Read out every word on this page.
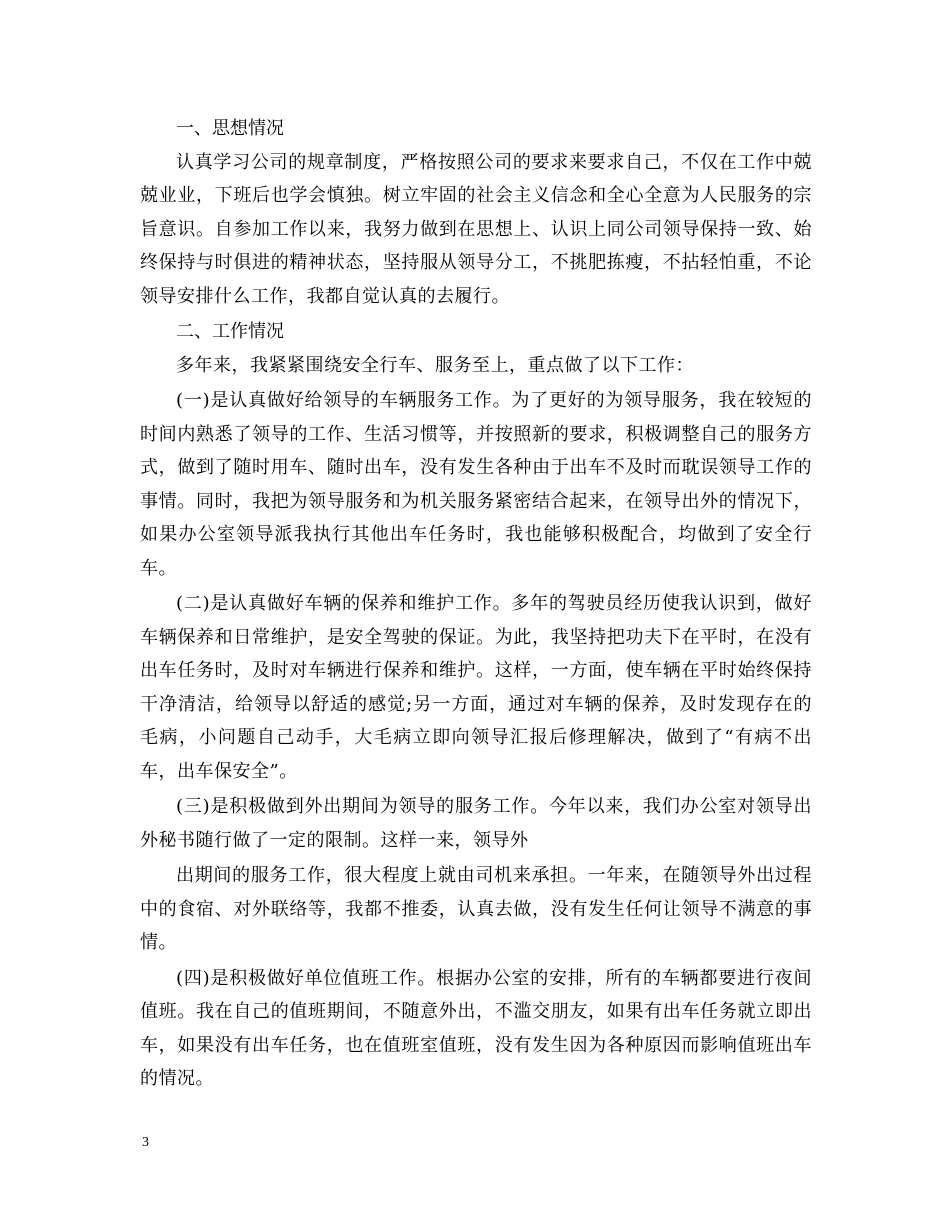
一、思想情况

认真学习公司的规章制度，严格按照公司的要求来要求自己，不仅在工作中兢兢业业，下班后也学会慎独。树立牢固的社会主义信念和全心全意为人民服务的宗旨意识。自参加工作以来，我努力做到在思想上、认识上同公司领导保持一致、始终保持与时俱进的精神状态，坚持服从领导分工，不挑肥拣瘦，不拈轻怕重，不论领导安排什么工作，我都自觉认真的去履行。

二、工作情况

多年来，我紧紧围绕安全行车、服务至上，重点做了以下工作：

(一)是认真做好给领导的车辆服务工作。为了更好的为领导服务，我在较短的时间内熟悉了领导的工作、生活习惯等，并按照新的要求，积极调整自己的服务方式，做到了随时用车、随时出车，没有发生各种由于出车不及时而耽误领导工作的事情。同时，我把为领导服务和为机关服务紧密结合起来，在领导出外的情况下，如果办公室领导派我执行其他出车任务时，我也能够积极配合，均做到了安全行车。

(二)是认真做好车辆的保养和维护工作。多年的驾驶员经历使我认识到，做好车辆保养和日常维护，是安全驾驶的保证。为此，我坚持把功夫下在平时，在没有出车任务时，及时对车辆进行保养和维护。这样，一方面，使车辆在平时始终保持干净清洁，给领导以舒适的感觉;另一方面，通过对车辆的保养，及时发现存在的毛病，小问题自己动手，大毛病立即向领导汇报后修理解决，做到了“有病不出车，出车保安全”。

(三)是积极做到外出期间为领导的服务工作。今年以来，我们办公室对领导出外秘书随行做了一定的限制。这样一来，领导外

出期间的服务工作，很大程度上就由司机来承担。一年来，在随领导外出过程中的食宿、对外联络等，我都不推委，认真去做，没有发生任何让领导不满意的事情。

(四)是积极做好单位值班工作。根据办公室的安排，所有的车辆都要进行夜间值班。我在自己的值班期间，不随意外出，不滥交朋友，如果有出车任务就立即出车，如果没有出车任务，也在值班室值班，没有发生因为各种原因而影响值班出车的情况。

3
